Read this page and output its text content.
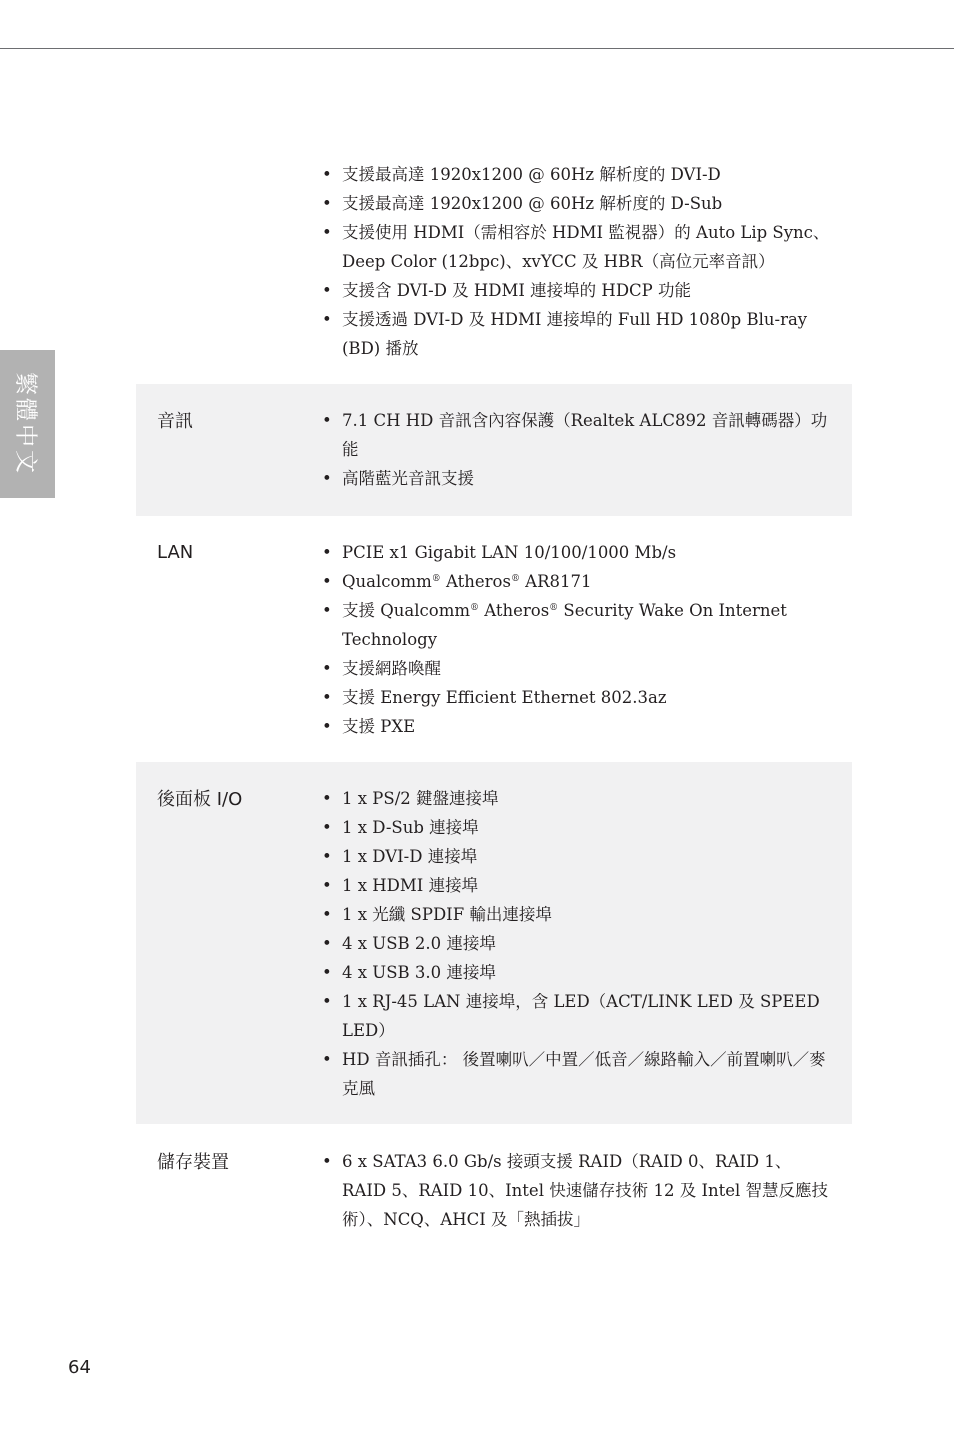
繁體中文
• 支援最高達 1920x1200 @ 60Hz 解析度的 DVI-D
• 支援最高達 1920x1200 @ 60Hz 解析度的 D-Sub
• 支援使用 HDMI（需相容於 HDMI 監視器）的 Auto Lip Sync、Deep Color (12bpc)、xvYCC 及 HBR（高位元率音訊）
• 支援含 DVI-D 及 HDMI 連接埠的 HDCP 功能
• 支援透過 DVI-D 及 HDMI 連接埠的 Full HD 1080p Blu-ray (BD) 播放
音訊	• 7.1 CH HD 音訊含內容保護（Realtek ALC892 音訊轉碼器）功能
• 高階藍光音訊支援
LAN	• PCIE x1 Gigabit LAN 10/100/1000 Mb/s
• Qualcomm® Atheros® AR8171
• 支援 Qualcomm® Atheros® Security Wake On Internet Technology
• 支援網路喚醒
• 支援 Energy Efficient Ethernet 802.3az
• 支援 PXE
後面板 I/O	• 1 x PS/2 鍵盤連接埠
• 1 x D-Sub 連接埠
• 1 x DVI-D 連接埠
• 1 x HDMI 連接埠
• 1 x 光纖 SPDIF 輸出連接埠
• 4 x USB 2.0 連接埠
• 4 x USB 3.0 連接埠
• 1 x RJ-45 LAN 連接埠，含 LED（ACT/LINK LED 及 SPEED LED）
• HD 音訊插孔： 後置喇叭／中置／低音／線路輸入／前置喇叭／麥克風
儲存裝置	• 6 x SATA3 6.0 Gb/s 接頭支援 RAID（RAID 0、RAID 1、RAID 5、RAID 10、Intel 快速儲存技術 12 及 Intel 智慧反應技術）、NCQ、AHCI 及「熱插拔」
64
